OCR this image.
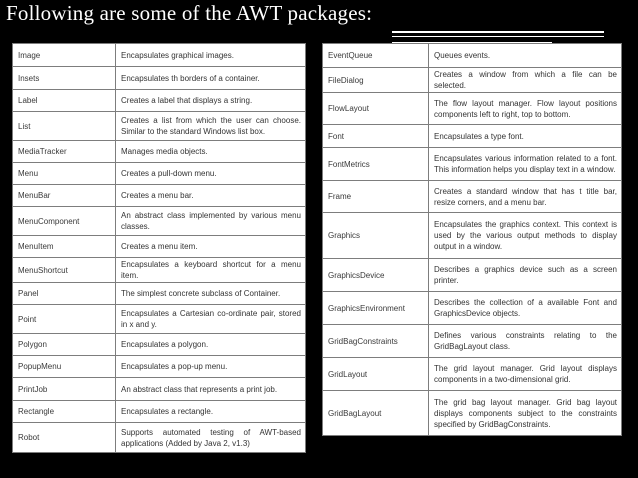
Following are some of the AWT packages:
Image	Encapsulates graphical images.
Insets	Encapsulates th borders of a container.
Label	Creates a label that displays a string.
List	Creates a list from which the user can choose. Similar to the standard Windows list box.
MediaTracker	Manages media objects.
Menu	Creates a pull-down menu.
MenuBar	Creates a menu bar.
MenuComponent	An abstract class implemented by various menu classes.
MenuItem	Creates a menu item.
MenuShortcut	Encapsulates a keyboard shortcut for a menu item.
Panel	The simplest concrete subclass of Container.
Point	Encapsulates a Cartesian co-ordinate pair, stored in x and y.
Polygon	Encapsulates a polygon.
PopupMenu	Encapsulates a pop-up menu.
PrintJob	An abstract class that represents a print job.
Rectangle	Encapsulates a rectangle.
Robot	Supports automated testing of AWT-based applications (Added by Java 2, v1.3)
EventQueue	Queues events.
FileDialog	Creates a window from which a file can be selected.
FlowLayout	The flow layout manager. Flow layout positions components left to right, top to bottom.
Font	Encapsulates a type font.
FontMetrics	Encapsulates various information related to a font. This information helps you display text in a window.
Frame	Creates a standard window that has t title bar, resize corners, and a menu bar.
Graphics	Encapsulates the graphics context. This context is used by the various output methods to display output in a window.
GraphicsDevice	Describes a graphics device such as a screen printer.
GraphicsEnvironment	Describes the collection of a available Font and GraphicsDevice objects.
GridBagConstraints	Defines various constraints relating to the GridBagLayout class.
GridLayout	The grid layout manager. Grid layout displays components in a two-dimensional grid.
GridBagLayout	The grid bag layout manager. Grid bag layout displays components subject to the constraints specified by GridBagConstraints.
